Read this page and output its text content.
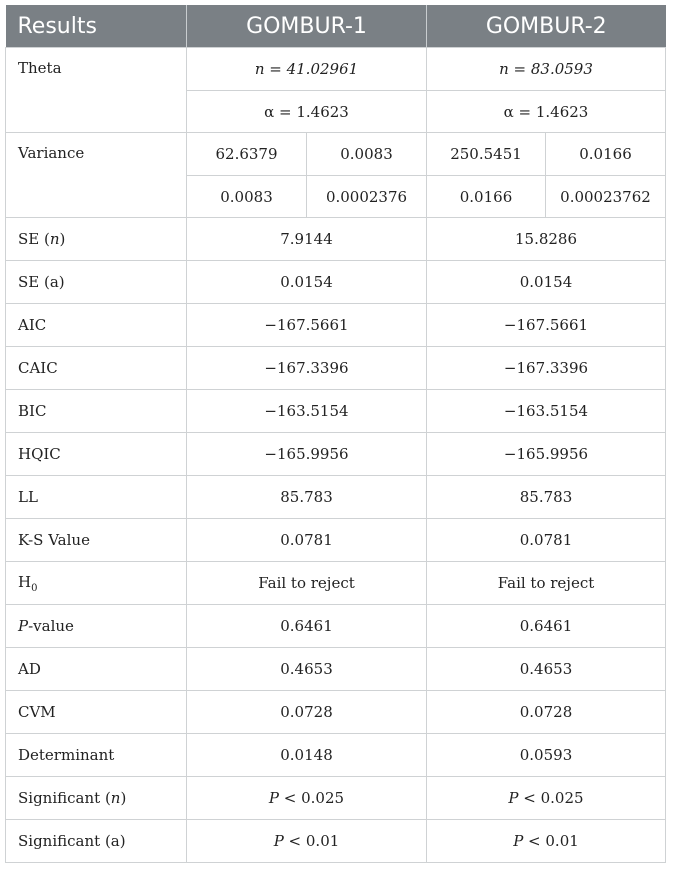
Results	GOMBUR-1		GOMBUR-2	
Theta	n = 41.02961		n = 83.0593	
	α = 1.4623		α = 1.4623	
Variance	62.6379	0.0083	250.5451	0.0166
	0.0083	0.0002376	0.0166	0.00023762
SE (n)	7.9144		15.8286	
SE (a)	0.0154		0.0154	
AIC	−167.5661		−167.5661	
CAIC	−167.3396		−167.3396	
BIC	−163.5154		−163.5154	
HQIC	−165.9956		−165.9956	
LL	85.783		85.783	
K-S Value	0.0781		0.0781	
$H_0$	Fail to reject		Fail to reject	
P-value	0.6461		0.6461	
AD	0.4653		0.4653	
CVM	0.0728		0.0728	
Determinant	0.0148		0.0593	
Significant (n)	P < 0.025		P < 0.025	
Significant (a)	P < 0.01		P < 0.01	
